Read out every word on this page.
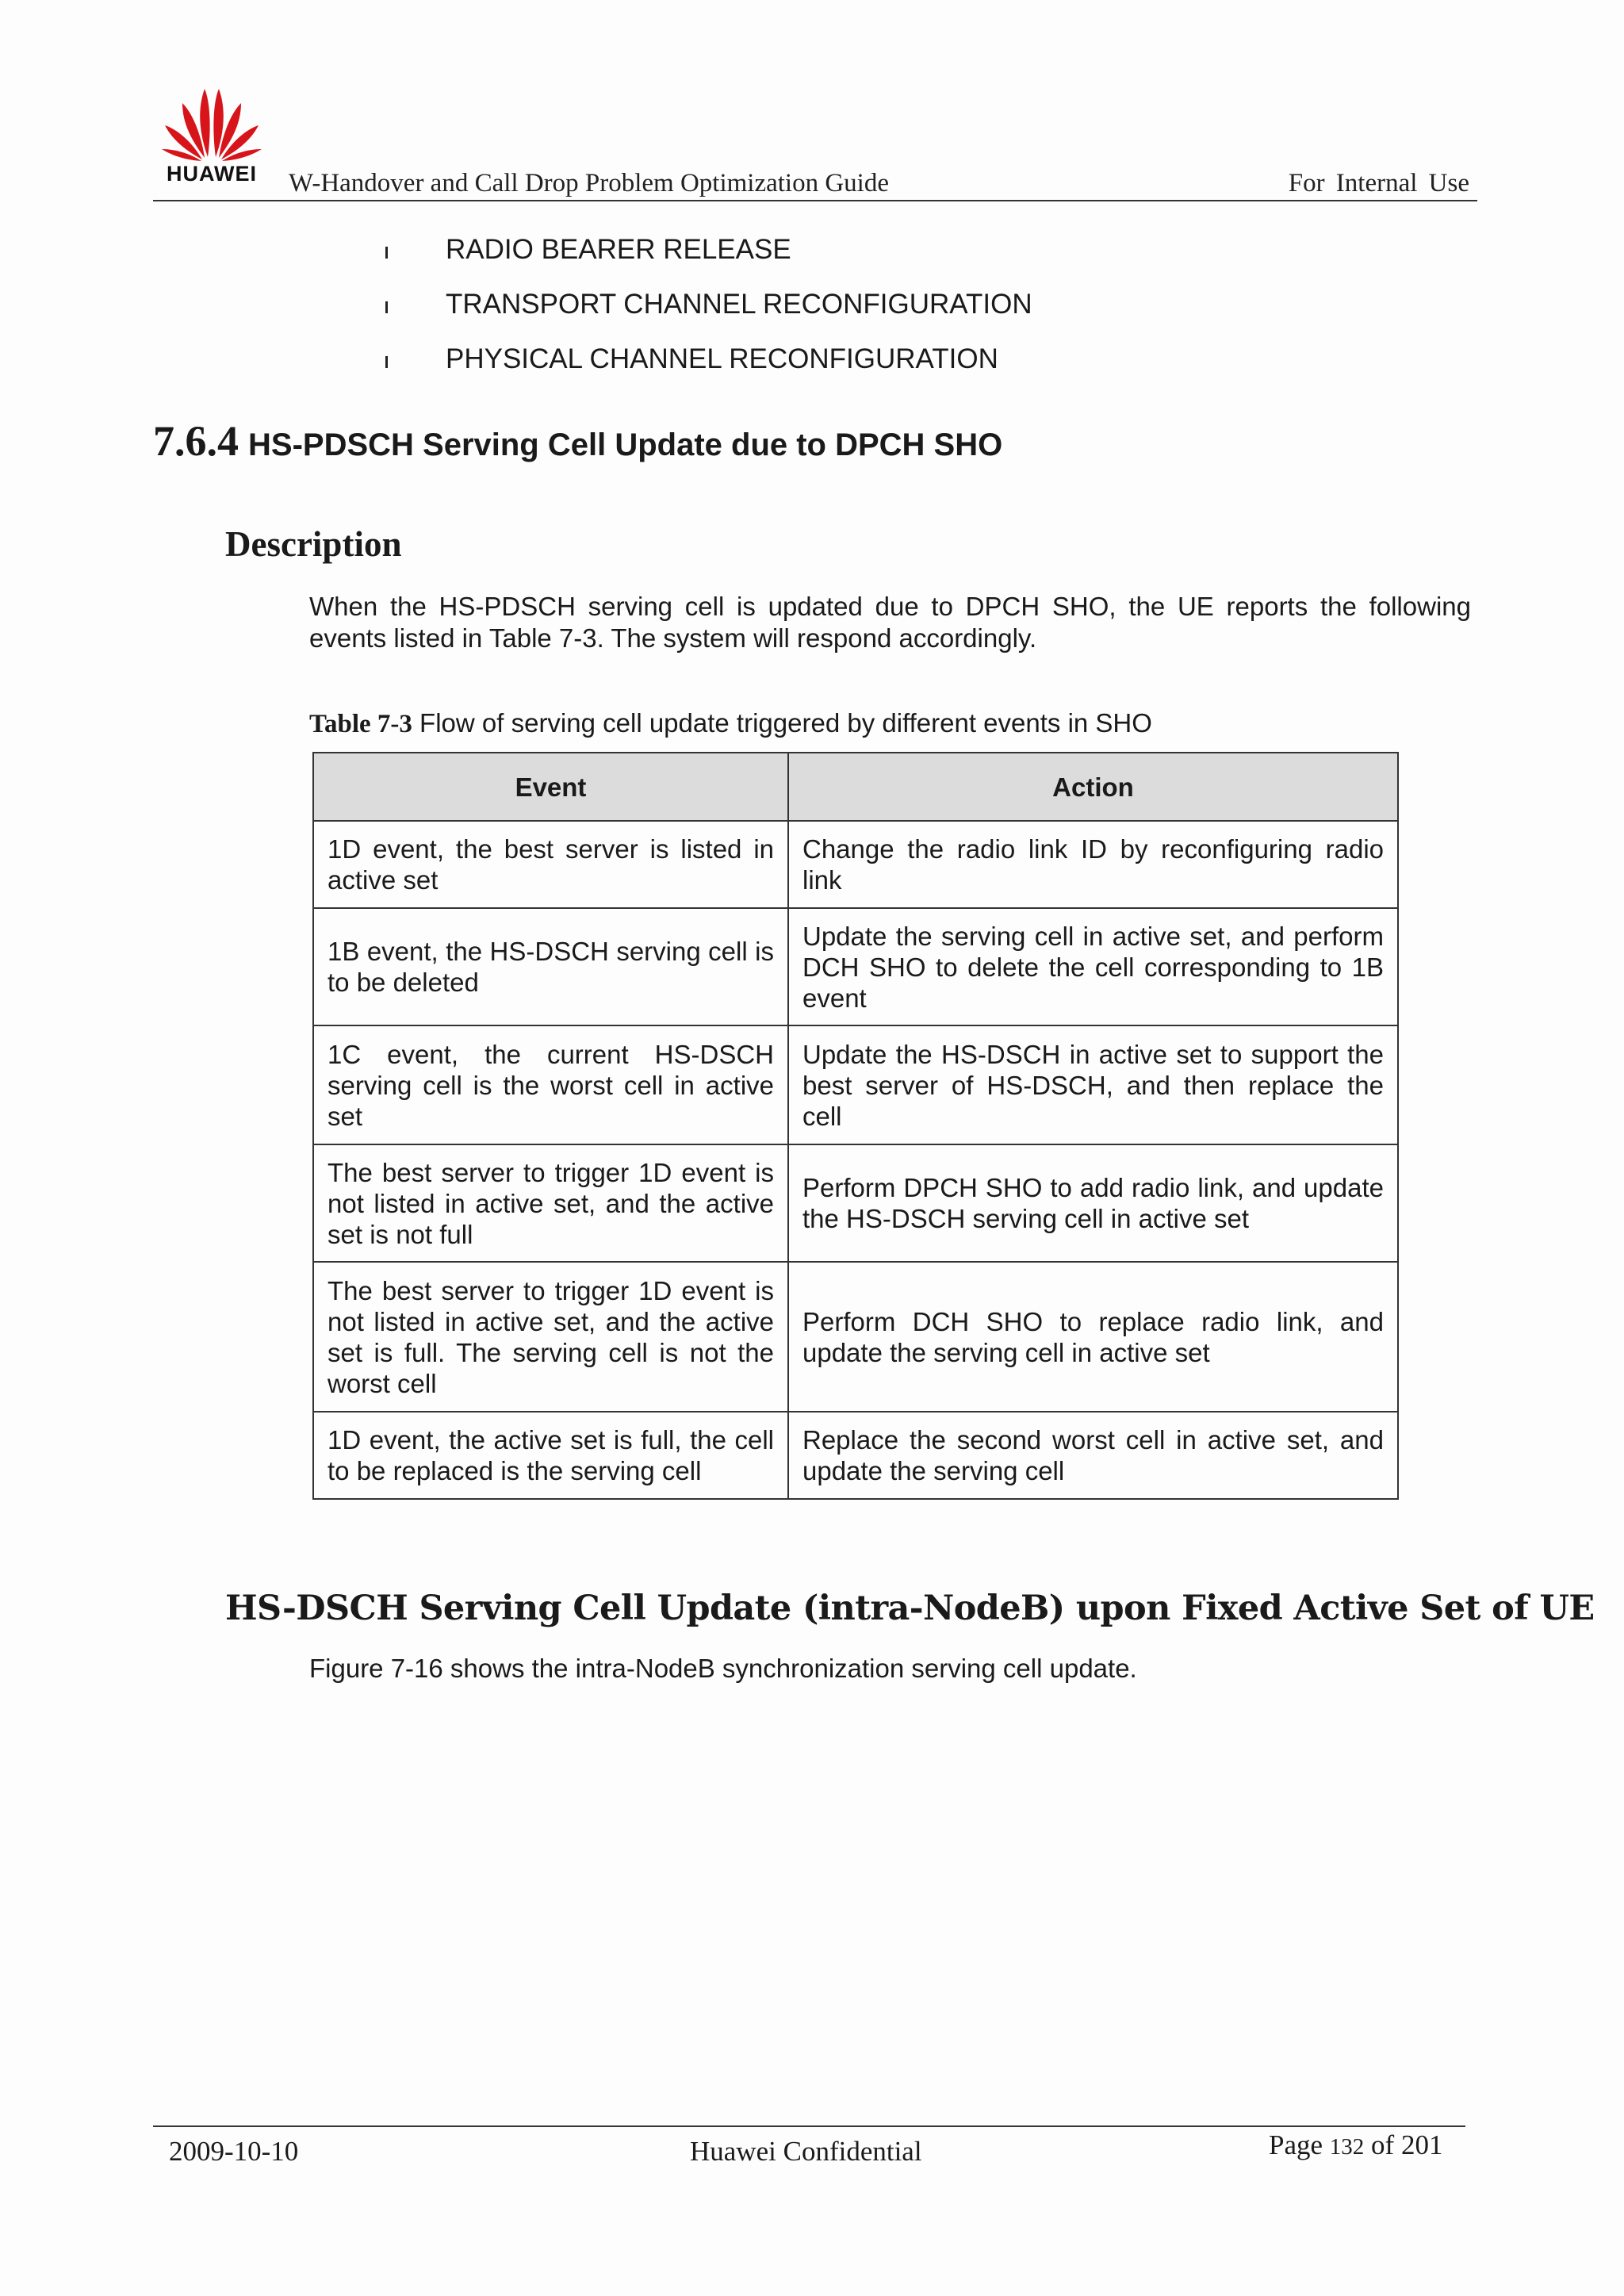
HUAWEI	W-Handover and Call Drop Problem Optimization Guide	For Internal Use
RADIO BEARER RELEASE
TRANSPORT CHANNEL RECONFIGURATION
PHYSICAL CHANNEL RECONFIGURATION
7.6.4 HS-PDSCH Serving Cell Update due to DPCH SHO
Description
When the HS-PDSCH serving cell is updated due to DPCH SHO, the UE reports the following events listed in Table 7-3. The system will respond accordingly.
Table 7-3 Flow of serving cell update triggered by different events in SHO
Event	Action
1D event, the best server is listed in active set	Change the radio link ID by reconfiguring radio link
1B event, the HS-DSCH serving cell is to be deleted	Update the serving cell in active set, and perform DCH SHO to delete the cell corresponding to 1B event
1C event, the current HS-DSCH serving cell is the worst cell in active set	Update the HS-DSCH in active set to support the best server of HS-DSCH, and then replace the cell
The best server to trigger 1D event is not listed in active set, and the active set is not full	Perform DPCH SHO to add radio link, and update the HS-DSCH serving cell in active set
The best server to trigger 1D event is not listed in active set, and the active set is full. The serving cell is not the worst cell	Perform DCH SHO to replace radio link, and update the serving cell in active set
1D event, the active set is full, the cell to be replaced is the serving cell	Replace the second worst cell in active set, and update the serving cell
HS-DSCH Serving Cell Update (intra-NodeB) upon Fixed Active Set of UE
Figure 7-16 shows the intra-NodeB synchronization serving cell update.
2009-10-10	Huawei Confidential	Page 132 of 201
